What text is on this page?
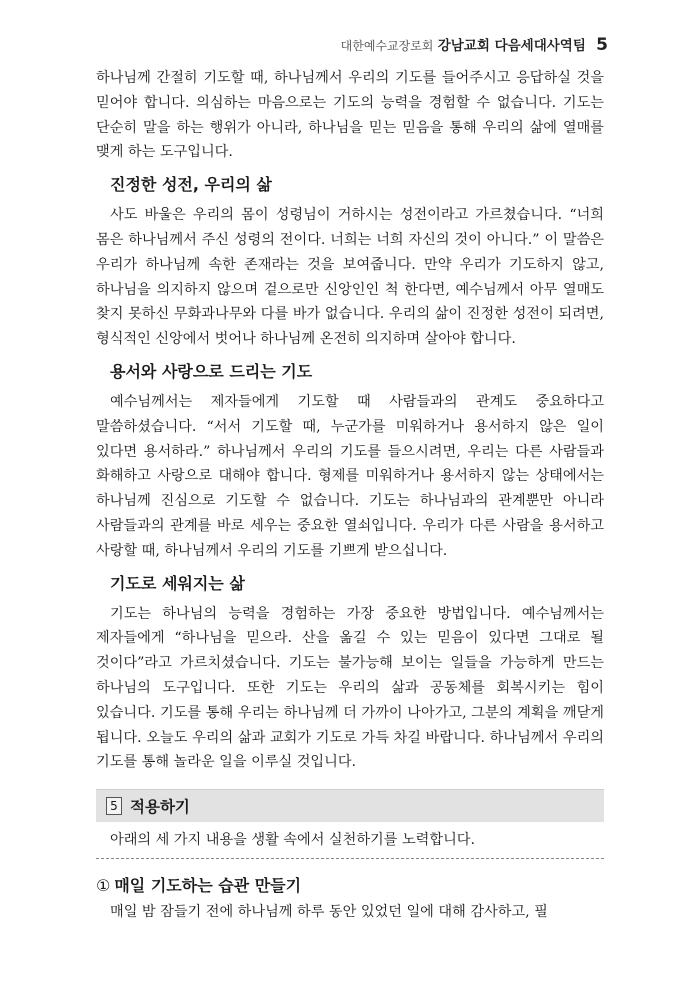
대한예수교장로회 강남교회 다음세대사역팀 5

하나님께 간절히 기도할 때, 하나님께서 우리의 기도를 들어주시고 응답하실 것을 믿어야 합니다. 의심하는 마음으로는 기도의 능력을 경험할 수 없습니다. 기도는 단순히 말을 하는 행위가 아니라, 하나님을 믿는 믿음을 통해 우리의 삶에 열매를 맺게 하는 도구입니다.

진정한 성전, 우리의 삶

사도 바울은 우리의 몸이 성령님이 거하시는 성전이라고 가르쳤습니다. “너희 몸은 하나님께서 주신 성령의 전이다. 너희는 너희 자신의 것이 아니다.” 이 말씀은 우리가 하나님께 속한 존재라는 것을 보여줍니다. 만약 우리가 기도하지 않고, 하나님을 의지하지 않으며 겉으로만 신앙인인 척 한다면, 예수님께서 아무 열매도 찾지 못하신 무화과나무와 다를 바가 없습니다. 우리의 삶이 진정한 성전이 되려면, 형식적인 신앙에서 벗어나 하나님께 온전히 의지하며 살아야 합니다.

용서와 사랑으로 드리는 기도

예수님께서는 제자들에게 기도할 때 사람들과의 관계도 중요하다고 말씀하셨습니다. “서서 기도할 때, 누군가를 미워하거나 용서하지 않은 일이 있다면 용서하라.” 하나님께서 우리의 기도를 들으시려면, 우리는 다른 사람들과 화해하고 사랑으로 대해야 합니다. 형제를 미워하거나 용서하지 않는 상태에서는 하나님께 진심으로 기도할 수 없습니다. 기도는 하나님과의 관계뿐만 아니라 사람들과의 관계를 바로 세우는 중요한 열쇠입니다. 우리가 다른 사람을 용서하고 사랑할 때, 하나님께서 우리의 기도를 기쁘게 받으십니다.

기도로 세워지는 삶

기도는 하나님의 능력을 경험하는 가장 중요한 방법입니다. 예수님께서는 제자들에게 “하나님을 믿으라. 산을 옮길 수 있는 믿음이 있다면 그대로 될 것이다”라고 가르치셨습니다. 기도는 불가능해 보이는 일들을 가능하게 만드는 하나님의 도구입니다. 또한 기도는 우리의 삶과 공동체를 회복시키는 힘이 있습니다. 기도를 통해 우리는 하나님께 더 가까이 나아가고, 그분의 계획을 깨닫게 됩니다. 오늘도 우리의 삶과 교회가 기도로 가득 차길 바랍니다. 하나님께서 우리의 기도를 통해 놀라운 일을 이루실 것입니다.

5 적용하기
아래의 세 가지 내용을 생활 속에서 실천하기를 노력합니다.
① 매일 기도하는 습관 만들기

매일 밤 잠들기 전에 하나님께 하루 동안 있었던 일에 대해 감사하고, 필
